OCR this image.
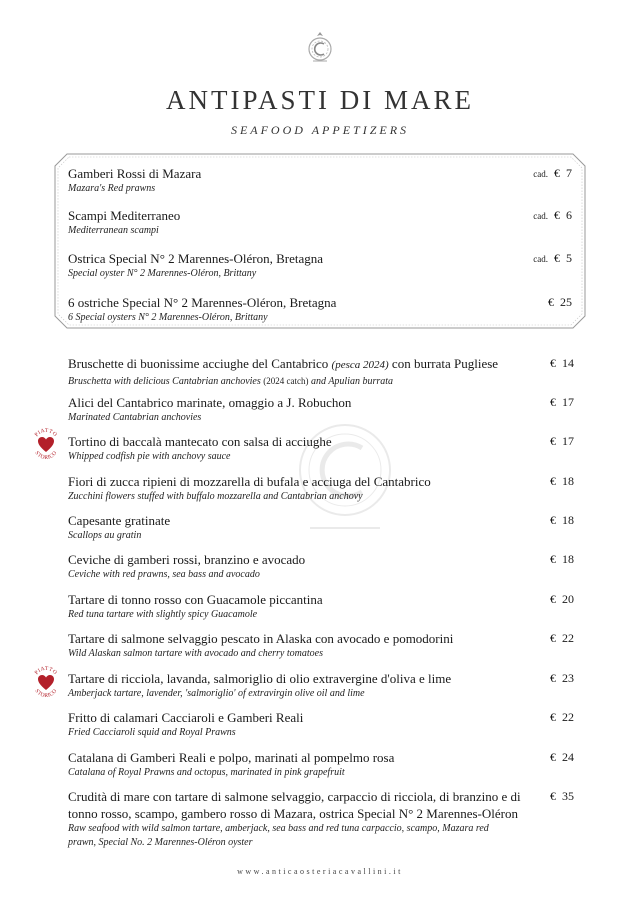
ANTIPASTI DI MARE
SEAFOOD APPETIZERS
Gamberi Rossi di Mazara
Mazara's Red prawns
cad. € 7
Scampi Mediterraneo
Mediterranean scampi
cad. € 6
Ostrica Special N° 2 Marennes-Oléron, Bretagna
Special oyster N° 2 Marennes-Oléron, Brittany
cad. € 5
6 ostriche Special N° 2 Marennes-Oléron, Bretagna
6 Special oysters N° 2 Marennes-Oléron, Brittany
€ 25
Bruschette di buonissime acciughe del Cantabrico (pesca 2024) con burrata Pugliese
Bruschetta with delicious Cantabrian anchovies (2024 catch) and Apulian burrata
€ 14
Alici del Cantabrico marinate, omaggio a J. Robuchon
Marinated Cantabrian anchovies
€ 17
PIATTO
STORICO
Tortino di baccalà mantecato con salsa di acciughe
Whipped codfish pie with anchovy sauce
€ 17
Fiori di zucca ripieni di mozzarella di bufala e acciuga del Cantabrico
Zucchini flowers stuffed with buffalo mozzarella and Cantabrian anchovy
€ 18
Capesante gratinate
Scallops au gratin
€ 18
Ceviche di gamberi rossi, branzino e avocado
Ceviche with red prawns, sea bass and avocado
€ 18
Tartare di tonno rosso con Guacamole piccantina
Red tuna tartare with slightly spicy Guacamole
€ 20
Tartare di salmone selvaggio pescato in Alaska con avocado e pomodorini
Wild Alaskan salmon tartare with avocado and cherry tomatoes
€ 22
PIATTO
STORICO
Tartare di ricciola, lavanda, salmoriglio di olio extravergine d'oliva e lime
Amberjack tartare, lavender, 'salmoriglio' of extravirgin olive oil and lime
€ 23
Fritto di calamari Cacciaroli e Gamberi Reali
Fried Cacciaroli squid and Royal Prawns
€ 22
Catalana di Gamberi Reali e polpo, marinati al pompelmo rosa
Catalana of Royal Prawns and octopus, marinated in pink grapefruit
€ 24
Crudità di mare con tartare di salmone selvaggio, carpaccio di ricciola, di branzino e di tonno rosso, scampo, gambero rosso di Mazara, ostrica Special N° 2 Marennes-Oléron
Raw seafood with wild salmon tartare, amberjack, sea bass and red tuna carpaccio, scampo, Mazara red prawn, Special No. 2 Marennes-Oléron oyster
€ 35
www.anticaosteriacavallini.it
